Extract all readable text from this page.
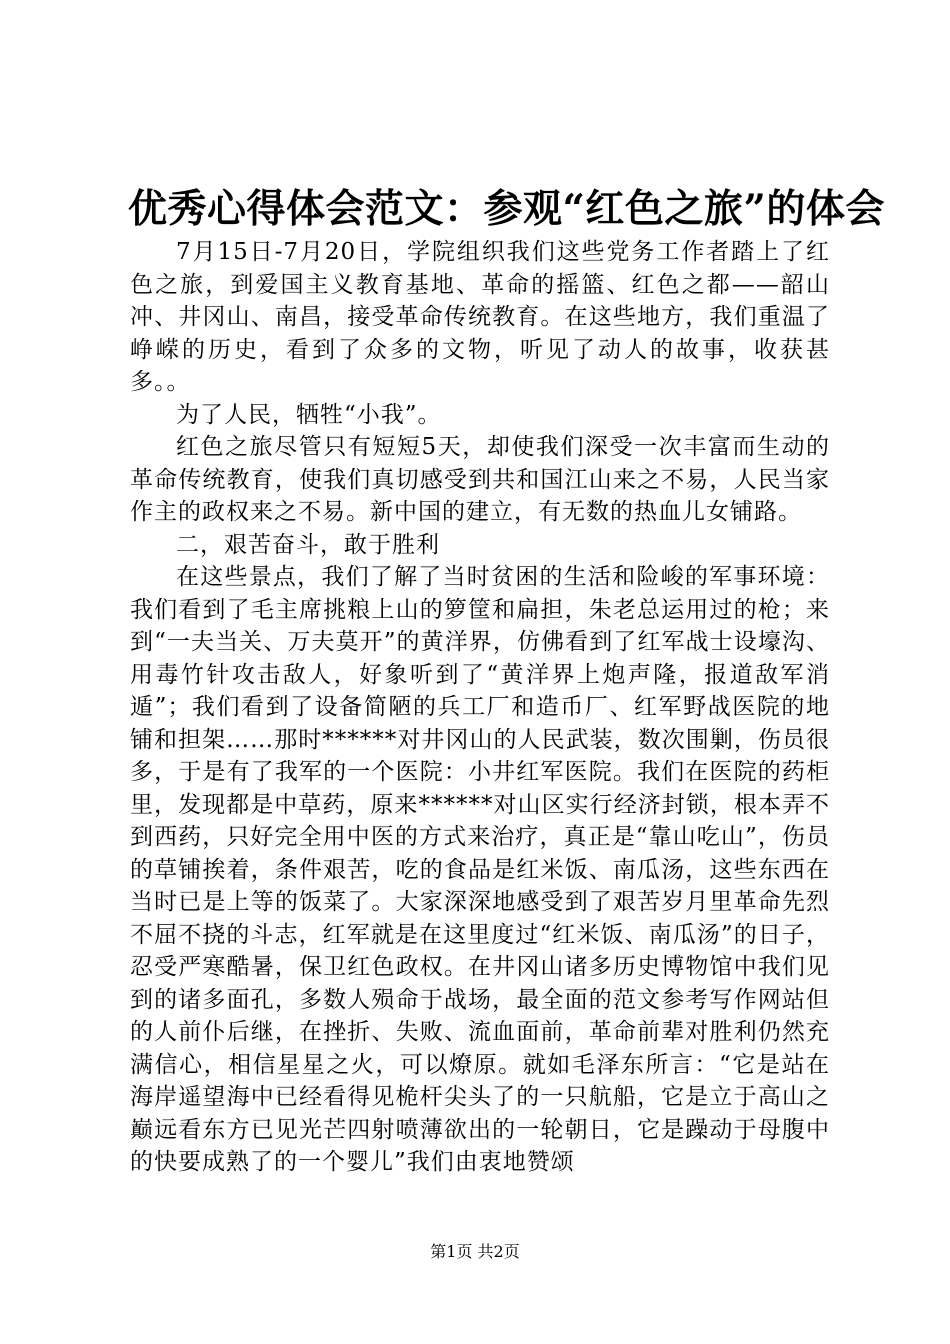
优秀心得体会范文：参观“红色之旅”的体会

7月15日-7月20日，学院组织我们这些党务工作者踏上了红色之旅，到爱国主义教育基地、革命的摇篮、红色之都——韶山冲、井冈山、南昌，接受革命传统教育。在这些地方，我们重温了峥嵘的历史，看到了众多的文物，听见了动人的故事，收获甚多。。

为了人民，牺牲“小我”。

红色之旅尽管只有短短5天，却使我们深受一次丰富而生动的革命传统教育，使我们真切感受到共和国江山来之不易，人民当家作主的政权来之不易。新中国的建立，有无数的热血儿女铺路。

二，艰苦奋斗，敢于胜利

在这些景点，我们了解了当时贫困的生活和险峻的军事环境：我们看到了毛主席挑粮上山的箩筐和扁担，朱老总运用过的枪；来到“一夫当关、万夫莫开”的黄洋界，仿佛看到了红军战士设壕沟、用毒竹针攻击敌人，好象听到了“黄洋界上炮声隆，报道敌军消遁”；我们看到了设备简陋的兵工厂和造币厂、红军野战医院的地铺和担架……那时******对井冈山的人民武装，数次围剿，伤员很多，于是有了我军的一个医院：小井红军医院。我们在医院的药柜里，发现都是中草药，原来******对山区实行经济封锁，根本弄不到西药，只好完全用中医的方式来治疗，真正是“靠山吃山”，伤员的草铺挨着，条件艰苦，吃的食品是红米饭、南瓜汤，这些东西在当时已是上等的饭菜了。大家深深地感受到了艰苦岁月里革命先烈不屈不挠的斗志，红军就是在这里度过“红米饭、南瓜汤”的日子，忍受严寒酷暑，保卫红色政权。在井冈山诸多历史博物馆中我们见到的诸多面孔，多数人殒命于战场，最全面的范文参考写作网站但的人前仆后继，在挫折、失败、流血面前，革命前辈对胜利仍然充满信心，相信星星之火，可以燎原。就如毛泽东所言：“它是站在海岸遥望海中已经看得见桅杆尖头了的一只航船，它是立于高山之巅远看东方已见光芒四射喷薄欲出的一轮朝日，它是躁动于母腹中的快要成熟了的一个婴儿”我们由衷地赞颂

第1页 共2页
